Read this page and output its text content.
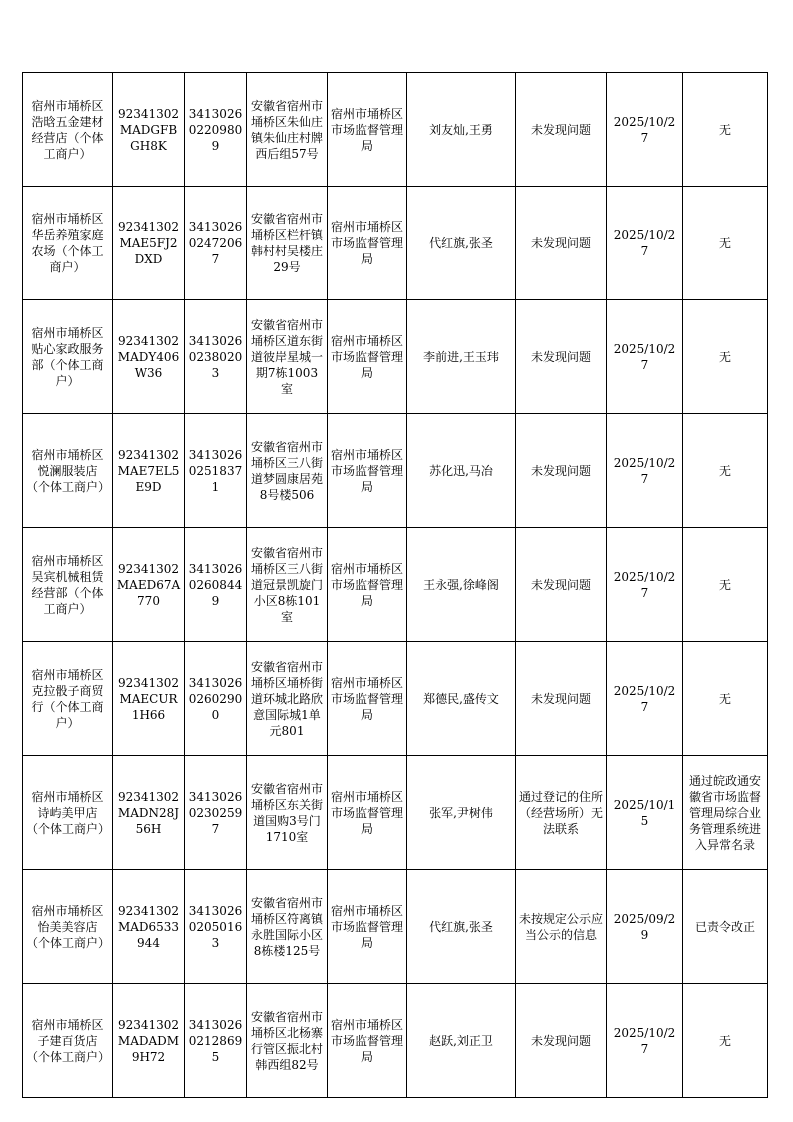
宿州市埇桥区浩晗五金建材经营店（个体工商户）	92341302MADGFBGH8K	341302602209809	安徽省宿州市埇桥区朱仙庄镇朱仙庄村牌西后组57号	宿州市埇桥区市场监督管理局	刘友灿,王勇	未发现问题	2025/10/27	无
宿州市埇桥区华岳养殖家庭农场（个体工商户）	92341302MAE5FJ2DXD	341302602472067	安徽省宿州市埇桥区栏杆镇韩村村吴楼庄29号	宿州市埇桥区市场监督管理局	代红旗,张圣	未发现问题	2025/10/27	无
宿州市埇桥区贴心家政服务部（个体工商户）	92341302MADY406W36	341302602380203	安徽省宿州市埇桥区道东街道彼岸星城一期7栋1003室	宿州市埇桥区市场监督管理局	李前进,王玉玮	未发现问题	2025/10/27	无
宿州市埇桥区悦澜服装店（个体工商户）	92341302MAE7EL5E9D	341302602518371	安徽省宿州市埇桥区三八街道梦圆康居苑8号楼506	宿州市埇桥区市场监督管理局	苏化迅,马冶	未发现问题	2025/10/27	无
宿州市埇桥区吴宾机械租赁经营部（个体工商户）	92341302MAED67A770	341302602608449	安徽省宿州市埇桥区三八街道冠景凯旋门小区8栋101室	宿州市埇桥区市场监督管理局	王永强,徐峰阁	未发现问题	2025/10/27	无
宿州市埇桥区克拉骰子商贸行（个体工商户）	92341302MAECUR1H66	341302602602900	安徽省宿州市埇桥区埇桥街道环城北路欣意国际城1单元801	宿州市埇桥区市场监督管理局	郑德民,盛传文	未发现问题	2025/10/27	无
宿州市埇桥区诗屿美甲店（个体工商户）	92341302MADN28J56H	341302602302597	安徽省宿州市埇桥区东关街道国购3号门1710室	宿州市埇桥区市场监督管理局	张军,尹树伟	通过登记的住所（经营场所）无法联系	2025/10/15	通过皖政通安徽省市场监督管理局综合业务管理系统进入异常名录
宿州市埇桥区怡美美容店（个体工商户）	92341302MAD6533944	341302602050163	安徽省宿州市埇桥区符离镇永胜国际小区8栋楼125号	宿州市埇桥区市场监督管理局	代红旗,张圣	未按规定公示应当公示的信息	2025/09/29	已责令改正
宿州市埇桥区子建百货店（个体工商户）	92341302MADADM9H72	341302602128695	安徽省宿州市埇桥区北杨寨行管区振北村韩西组82号	宿州市埇桥区市场监督管理局	赵跃,刘正卫	未发现问题	2025/10/27	无
